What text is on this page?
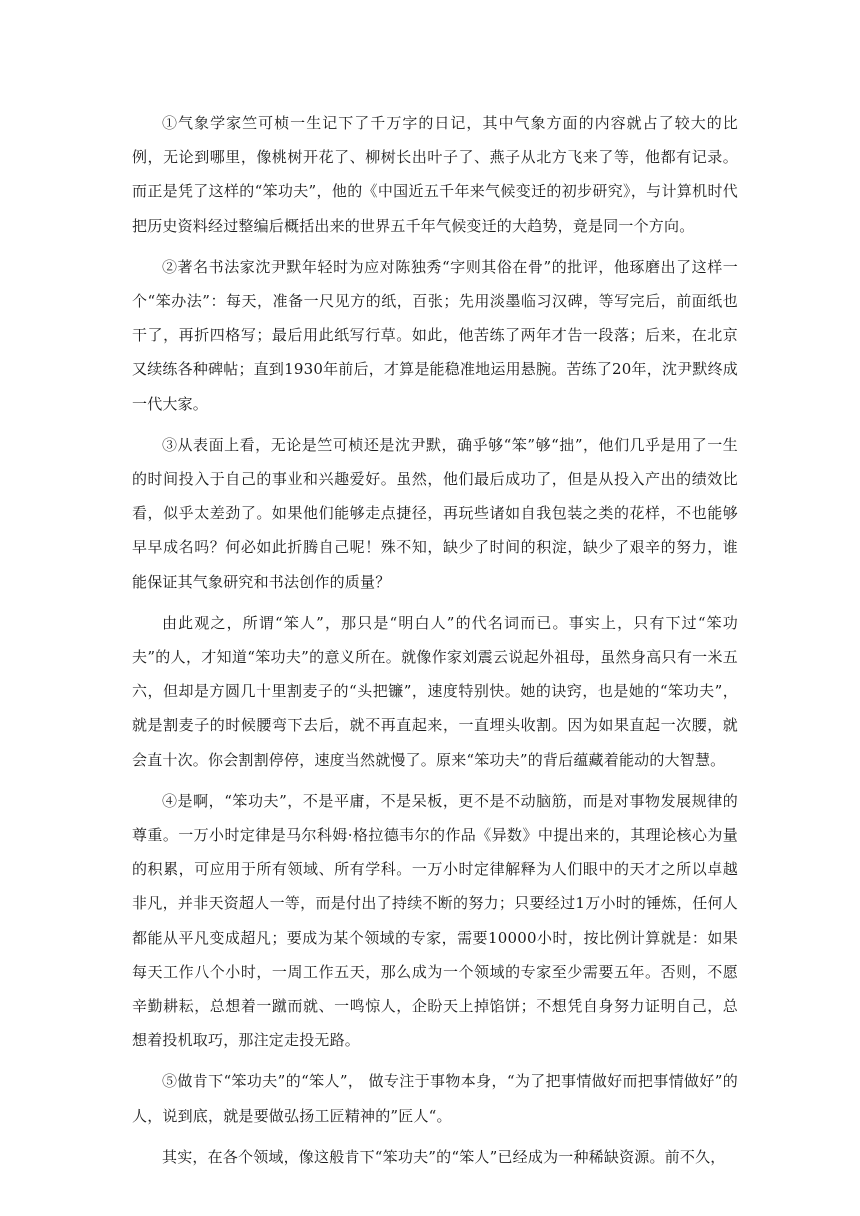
①气象学家竺可桢一生记下了千万字的日记，其中气象方面的内容就占了较大的比例，无论到哪里，像桃树开花了、柳树长出叶子了、燕子从北方飞来了等，他都有记录。而正是凭了这样的“笨功夫”，他的《中国近五千年来气候变迁的初步研究》，与计算机时代把历史资料经过整编后概括出来的世界五千年气候变迁的大趋势，竟是同一个方向。

②著名书法家沈尹默年轻时为应对陈独秀“字则其俗在骨”的批评，他琢磨出了这样一个“笨办法”：每天，准备一尺见方的纸，百张；先用淡墨临习汉碑，等写完后，前面纸也干了，再折四格写；最后用此纸写行草。如此，他苦练了两年才告一段落；后来，在北京又续练各种碑帖；直到1930年前后，才算是能稳准地运用悬腕。苦练了20年，沈尹默终成一代大家。

③从表面上看，无论是竺可桢还是沈尹默，确乎够“笨”够“拙”，他们几乎是用了一生的时间投入于自己的事业和兴趣爱好。虽然，他们最后成功了，但是从投入产出的绩效比看，似乎太差劲了。如果他们能够走点捷径，再玩些诸如自我包装之类的花样，不也能够早早成名吗？何必如此折腾自己呢！殊不知，缺少了时间的积淀，缺少了艰辛的努力，谁能保证其气象研究和书法创作的质量？

由此观之，所谓“笨人”，那只是“明白人”的代名词而已。事实上，只有下过“笨功夫”的人，才知道“笨功夫”的意义所在。就像作家刘震云说起外祖母，虽然身高只有一米五六，但却是方圆几十里割麦子的“头把镰”，速度特别快。她的诀窍，也是她的“笨功夫”，就是割麦子的时候腰弯下去后，就不再直起来，一直埋头收割。因为如果直起一次腰，就会直十次。你会割割停停，速度当然就慢了。原来“笨功夫”的背后蕴藏着能动的大智慧。

④是啊，“笨功夫”，不是平庸，不是呆板，更不是不动脑筋，而是对事物发展规律的尊重。一万小时定律是马尔科姆·格拉德韦尔的作品《异数》中提出来的，其理论核心为量的积累，可应用于所有领域、所有学科。一万小时定律解释为人们眼中的天才之所以卓越非凡，并非天资超人一等，而是付出了持续不断的努力；只要经过1万小时的锤炼，任何人都能从平凡变成超凡；要成为某个领域的专家，需要10000小时，按比例计算就是：如果每天工作八个小时，一周工作五天，那么成为一个领域的专家至少需要五年。否则，不愿辛勤耕耘，总想着一蹴而就、一鸣惊人，企盼天上掉馅饼；不想凭自身努力证明自己，总想着投机取巧，那注定走投无路。

⑤做肯下“笨功夫”的“笨人”， 做专注于事物本身，“为了把事情做好而把事情做好”的人，说到底，就是要做弘扬工匠精神的”匠人“。

其实，在各个领域，像这般肯下“笨功夫”的“笨人”已经成为一种稀缺资源。前不久，
